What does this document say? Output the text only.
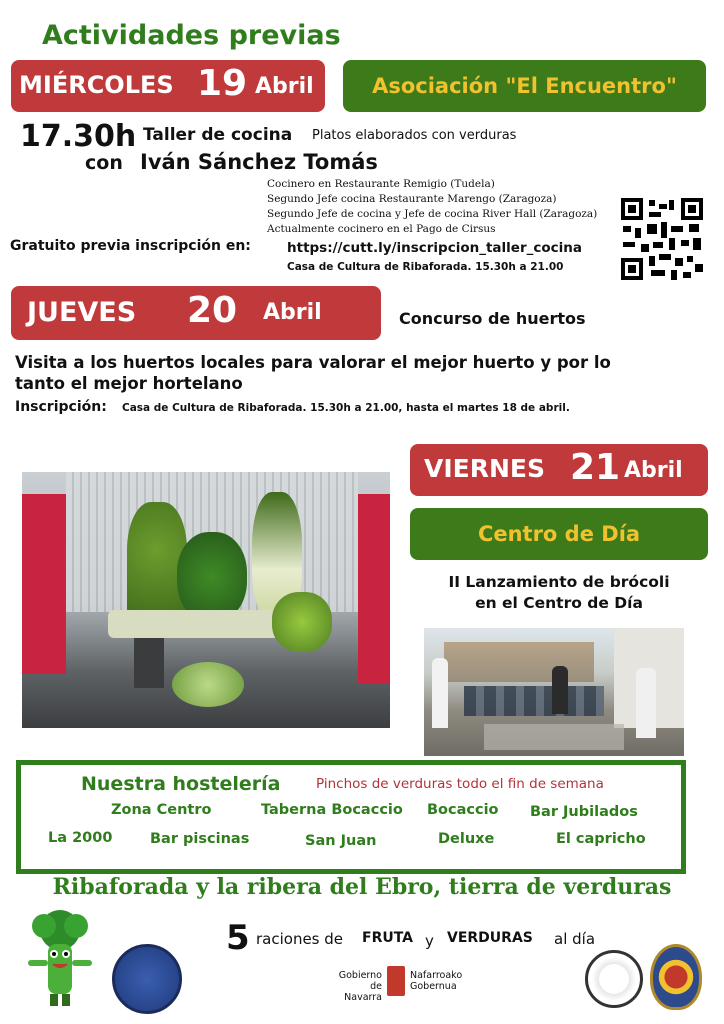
Actividades previas
MIÉRCOLES 19 Abril	Asociación "El Encuentro"
17.30h
con
Taller de cocina Platos elaborados con verduras
Iván Sánchez Tomás
Cocinero en Restaurante Remigio (Tudela)
Segundo Jefe cocina Restaurante Marengo (Zaragoza)
Segundo Jefe de cocina y Jefe de cocina River Hall (Zaragoza)
Actualmente cocinero en el Pago de Cirsus
Gratuito previa inscripción en:	https://cutt.ly/inscripcion_taller_cocina
Casa de Cultura de Ribaforada. 15.30h a 21.00
JUEVES 20 Abril	Concurso de huertos
Visita a los huertos locales para valorar el mejor huerto y por lo
tanto el mejor hortelano
Inscripción: Casa de Cultura de Ribaforada. 15.30h a 21.00, hasta el martes 18 de abril.
VIERNES 21 Abril
Centro de Día
II Lanzamiento de brócoli
en el Centro de Día
Nuestra hostelería	Pinchos de verduras todo el fin de semana
Zona Centro	Taberna Bocaccio Bocaccio Bar Jubilados
La 2000	Bar piscinas	San Juan	Deluxe	El capricho
Ribaforada y la ribera del Ebro, tierra de verduras
5 raciones de FRUTA y VERDURAS al día
Gobierno
de Navarra
Nafarroako
Gobernua
